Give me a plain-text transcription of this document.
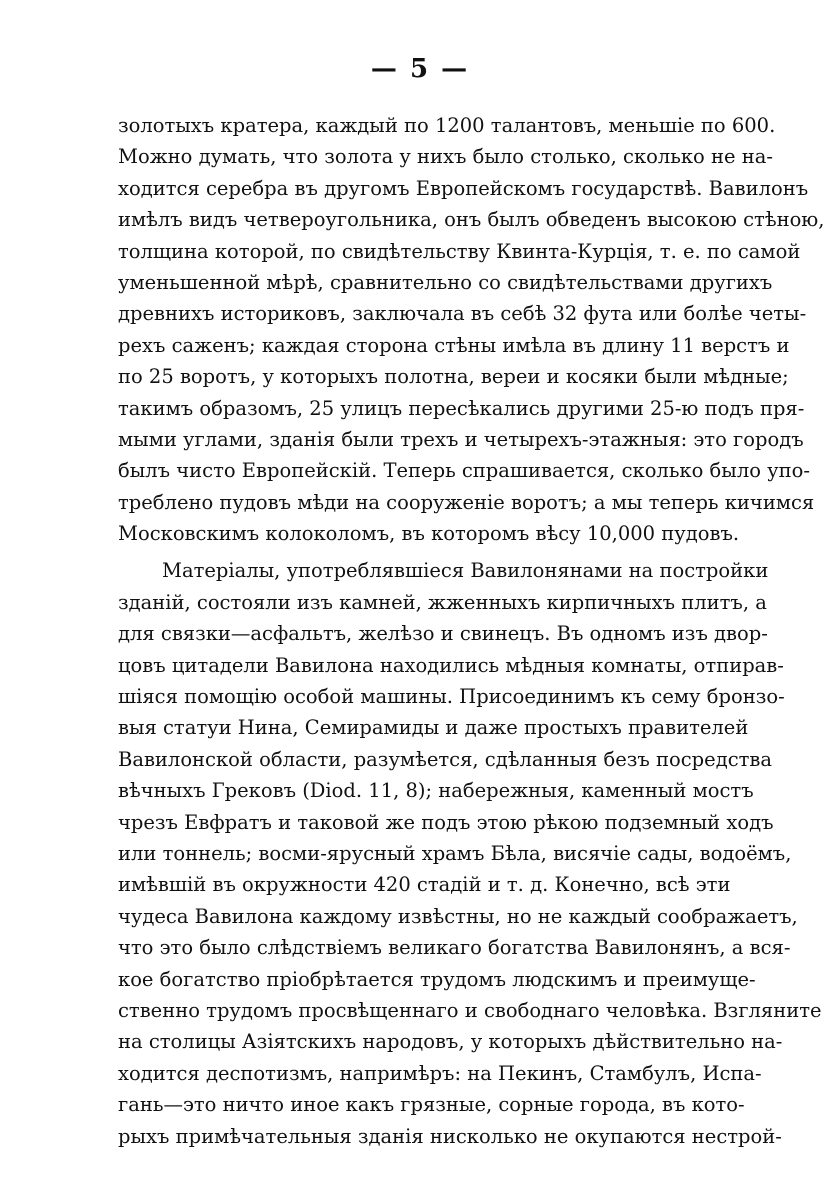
— 5 —
золотыхъ кратера, каждый по 1200 талантовъ, меньшіе по 600.
Можно думать, что золота у нихъ было столько, сколько не на-
ходится серебра въ другомъ Европейскомъ государствѣ. Вавилонъ
имѣлъ видъ четвероугольника, онъ былъ обведенъ высокою стѣною,
толщина которой, по свидѣтельству Квинта-Курція, т. е. по самой
уменьшенной мѣрѣ, сравнительно со свидѣтельствами другихъ
древнихъ историковъ, заключала въ себѣ 32 фута или болѣе четы-
рехъ саженъ; каждая сторона стѣны имѣла въ длину 11 верстъ и
по 25 воротъ, у которыхъ полотна, вереи и косяки были мѣдные;
такимъ образомъ, 25 улицъ пересѣкались другими 25-ю подъ пря-
мыми углами, зданія были трехъ и четырехъ-этажныя: это городъ
былъ чисто Европейскій. Теперь спрашивается, сколько было упо-
треблено пудовъ мѣди на сооруженіе воротъ; а мы теперь кичимся
Московскимъ колоколомъ, въ которомъ вѣсу 10,000 пудовъ.
Матеріалы, употреблявшіеся Вавилонянами на постройки
зданій, состояли изъ камней, жженныхъ кирпичныхъ плитъ, а
для связки—асфальтъ, желѣзо и свинецъ. Въ одномъ изъ двор-
цовъ цитадели Вавилона находились мѣдныя комнаты, отпирав-
шіяся помощію особой машины. Присоединимъ къ сему бронзо-
выя статуи Нина, Семирамиды и даже простыхъ правителей
Вавилонской области, разумѣется, сдѣланныя безъ посредства
вѣчныхъ Грековъ (Diod. 11, 8); набережныя, каменный мостъ
чрезъ Евфратъ и таковой же подъ этою рѣкою подземный ходъ
или тоннель; восми-ярусный храмъ Бѣла, висячіе сады, водоёмъ,
имѣвшій въ окружности 420 стадій и т. д. Конечно, всѣ эти
чудеса Вавилона каждому извѣстны, но не каждый соображаетъ,
что это было слѣдствіемъ великаго богатства Вавилонянъ, а вся-
кое богатство пріобрѣтается трудомъ людскимъ и преимуще-
ственно трудомъ просвѣщеннаго и свободнаго человѣка. Взгляните
на столицы Азіятскихъ народовъ, у которыхъ дѣйствительно на-
ходится деспотизмъ, напримѣръ: на Пекинъ, Стамбулъ, Испа-
гань—это ничто иное какъ грязные, сорные города, въ кото-
рыхъ примѣчательныя зданія нисколько не окупаются нестрой-
